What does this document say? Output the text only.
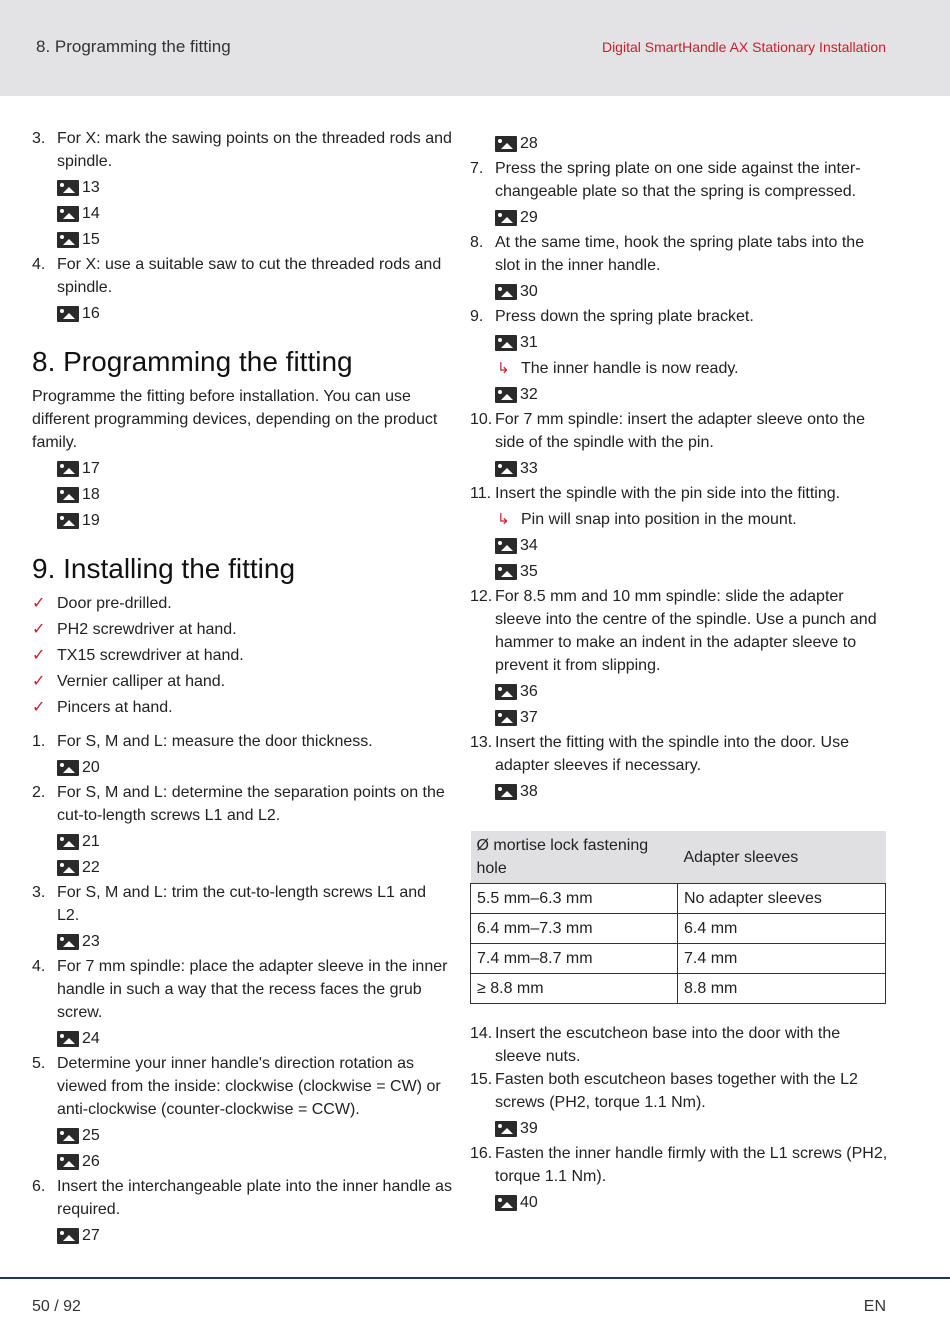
8. Programming the fitting	Digital SmartHandle AX Stationary Installation
3. For X: mark the sawing points on the threaded rods and spindle.
13
14
15
4. For X: use a suitable saw to cut the threaded rods and spindle.
16
8. Programming the fitting
Programme the fitting before installation. You can use different programming devices, depending on the product family.
17
18
19
9. Installing the fitting
✓ Door pre-drilled.
✓ PH2 screwdriver at hand.
✓ TX15 screwdriver at hand.
✓ Vernier calliper at hand.
✓ Pincers at hand.
1. For S, M and L: measure the door thickness.
20
2. For S, M and L: determine the separation points on the cut-to-length screws L1 and L2.
21
22
3. For S, M and L: trim the cut-to-length screws L1 and L2.
23
4. For 7 mm spindle: place the adapter sleeve in the inner handle in such a way that the recess faces the grub screw.
24
5. Determine your inner handle's direction rotation as viewed from the inside: clockwise (clockwise = CW) or anti-clockwise (counter-clockwise = CCW).
25
26
6. Insert the interchangeable plate into the inner handle as required.
27
28
7. Press the spring plate on one side against the inter-changeable plate so that the spring is compressed.
29
8. At the same time, hook the spring plate tabs into the slot in the inner handle.
30
9. Press down the spring plate bracket.
31
↳ The inner handle is now ready.
32
10. For 7 mm spindle: insert the adapter sleeve onto the side of the spindle with the pin.
33
11. Insert the spindle with the pin side into the fitting.
↳ Pin will snap into position in the mount.
34
35
12. For 8.5 mm and 10 mm spindle: slide the adapter sleeve into the centre of the spindle. Use a punch and hammer to make an indent in the adapter sleeve to prevent it from slipping.
36
37
13. Insert the fitting with the spindle into the door. Use adapter sleeves if necessary.
38
Ø mortise lock fastening hole	Adapter sleeves
5.5 mm–6.3 mm	No adapter sleeves
6.4 mm–7.3 mm	6.4 mm
7.4 mm–8.7 mm	7.4 mm
≥ 8.8 mm	8.8 mm
14. Insert the escutcheon base into the door with the sleeve nuts.
15. Fasten both escutcheon bases together with the L2 screws (PH2, torque 1.1 Nm).
39
16. Fasten the inner handle firmly with the L1 screws (PH2, torque 1.1 Nm).
40
50 / 92	EN
